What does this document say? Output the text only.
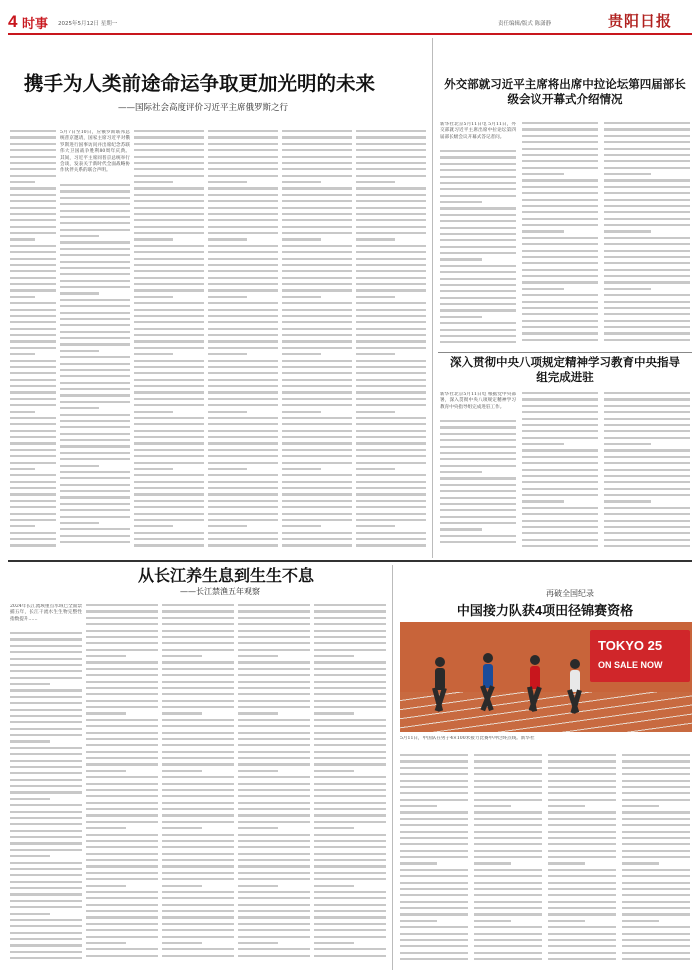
4 时事 2025年5月12日 星期一	责任编辑/版式 陈潇静	贵阳日报
携手为人类前途命运争取更加光明的未来
——国际社会高度评价习近平主席俄罗斯之行
5月7日至10日，应俄罗斯联邦总统普京邀请，国家主席习近平对俄罗斯进行国事访问并出席纪念苏联伟大卫国战争胜利80周年庆典。其间，习近平主席同普京总统举行会谈，发表关于新时代全面战略协作伙伴关系的联合声明。
外交部就习近平主席将出席中拉论坛第四届部长级会议开幕式介绍情况
新华社北京5月11日电 5月11日，外交部就习近平主席出席中拉论坛第四届部长级会议开幕式答记者问。
深入贯彻中央八项规定精神学习教育中央指导组完成进驻
新华社北京5月11日电 根据党中央部署，深入贯彻中央八项规定精神学习教育中央指导组完成进驻工作。
从长江养生息到生生不息
——长江禁渔五年观察
2024年长江流域重点水域已全面禁捕五年，长江干流水生生物完整性指数提升……
再破全国纪录
中国接力队获4项田径锦赛资格
TOKYO 25
ON SALE NOW
5月11日，中国队在男子4×100米接力比赛中冲过终点线。新华社
